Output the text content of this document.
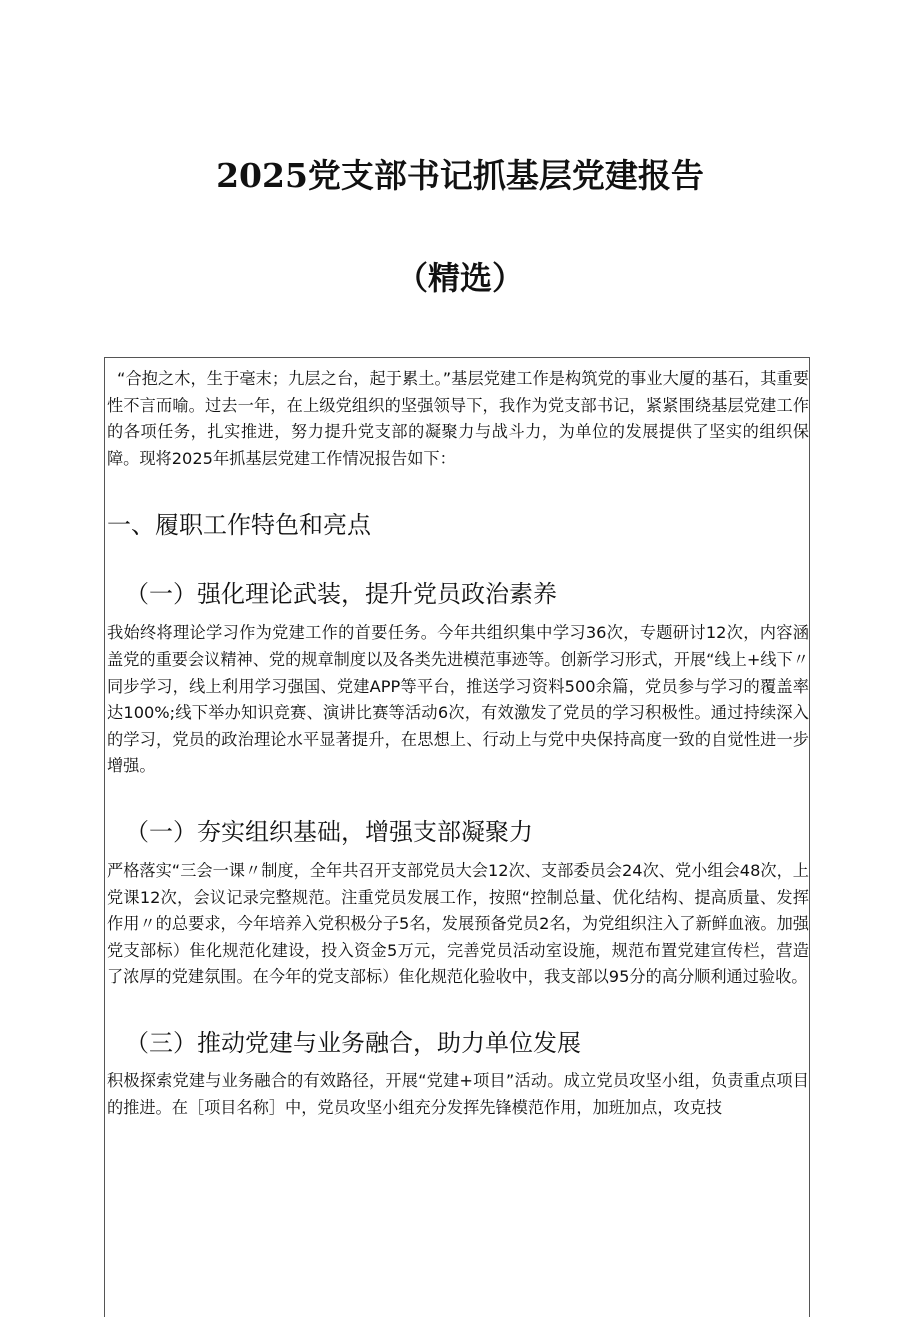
2025党支部书记抓基层党建报告
（精选）

“合抱之木，生于毫末；九层之台，起于累土。”基层党建工作是构筑党的事业大厦的基石，其重要性不言而喻。过去一年，在上级党组织的坚强领导下，我作为党支部书记，紧紧围绕基层党建工作的各项任务，扎实推进，努力提升党支部的凝聚力与战斗力，为单位的发展提供了坚实的组织保障。现将2025年抓基层党建工作情况报告如下：

一、履职工作特色和亮点
（一）强化理论武装，提升党员政治素养

我始终将理论学习作为党建工作的首要任务。今年共组织集中学习36次，专题研讨12次，内容涵盖党的重要会议精神、党的规章制度以及各类先进模范事迹等。创新学习形式，开展“线上+线下〃同步学习，线上利用学习强国、党建APP等平台，推送学习资料500余篇，党员参与学习的覆盖率达100%;线下举办知识竞赛、演讲比赛等活动6次，有效激发了党员的学习积极性。通过持续深入的学习，党员的政治理论水平显著提升，在思想上、行动上与党中央保持高度一致的自觉性进一步增强。

（一）夯实组织基础，增强支部凝聚力

严格落实“三会一课〃制度，全年共召开支部党员大会12次、支部委员会24次、党小组会48次，上党课12次，会议记录完整规范。注重党员发展工作，按照“控制总量、优化结构、提高质量、发挥作用〃的总要求，今年培养入党积极分子5名，发展预备党员2名，为党组织注入了新鲜血液。加强党支部标）隹化规范化建设，投入资金5万元，完善党员活动室设施，规范布置党建宣传栏，营造了浓厚的党建氛围。在今年的党支部标）隹化规范化验收中，我支部以95分的高分顺利通过验收。

（三）推动党建与业务融合，助力单位发展

积极探索党建与业务融合的有效路径，开展“党建+项目”活动。成立党员攻坚小组，负责重点项目的推进。在［项目名称］中，党员攻坚小组充分发挥先锋模范作用，加班加点，攻克技
